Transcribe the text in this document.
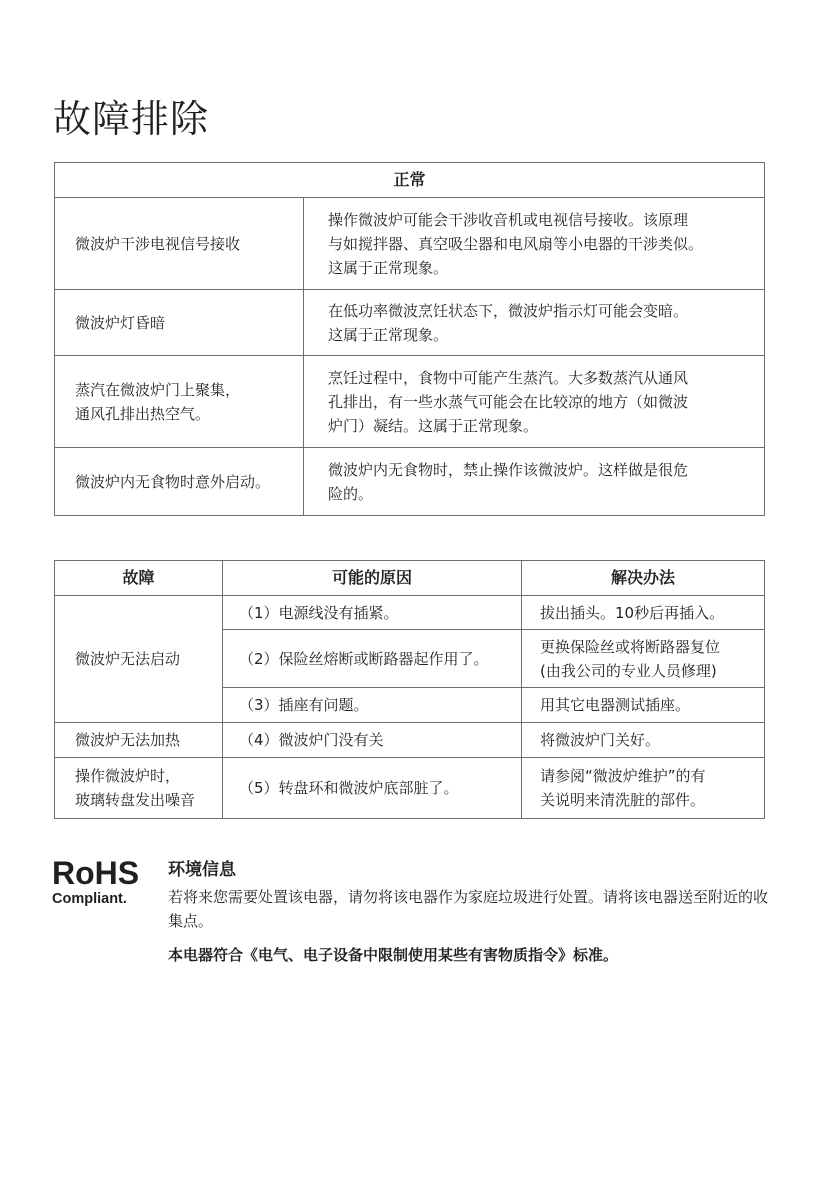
故障排除
正常	
微波炉干涉电视信号接收	操作微波炉可能会干涉收音机或电视信号接收。该原理
与如搅拌器、真空吸尘器和电风扇等小电器的干涉类似。
这属于正常现象。
微波炉灯昏暗	在低功率微波烹饪状态下，微波炉指示灯可能会变暗。
这属于正常现象。
蒸汽在微波炉门上聚集，
通风孔排出热空气。	烹饪过程中，食物中可能产生蒸汽。大多数蒸汽从通风
孔排出，有一些水蒸气可能会在比较凉的地方（如微波
炉门）凝结。这属于正常现象。
微波炉内无食物时意外启动。	微波炉内无食物时，禁止操作该微波炉。这样做是很危
险的。
故障	可能的原因	解决办法
微波炉无法启动	（1）电源线没有插紧。	拔出插头。10秒后再插入。
	（2）保险丝熔断或断路器起作用了。	更换保险丝或将断路器复位
(由我公司的专业人员修理)
	（3）插座有问题。	用其它电器测试插座。
微波炉无法加热	（4）微波炉门没有关	将微波炉门关好。
操作微波炉时，
玻璃转盘发出噪音	（5）转盘环和微波炉底部脏了。	请参阅“微波炉维护”的有
关说明来清洗脏的部件。
RoHS
Compliant.
环境信息

若将来您需要处置该电器，请勿将该电器作为家庭垃圾进行处置。请将该电器送至附近的收集点。

本电器符合《电气、电子设备中限制使用某些有害物质指令》标准。
